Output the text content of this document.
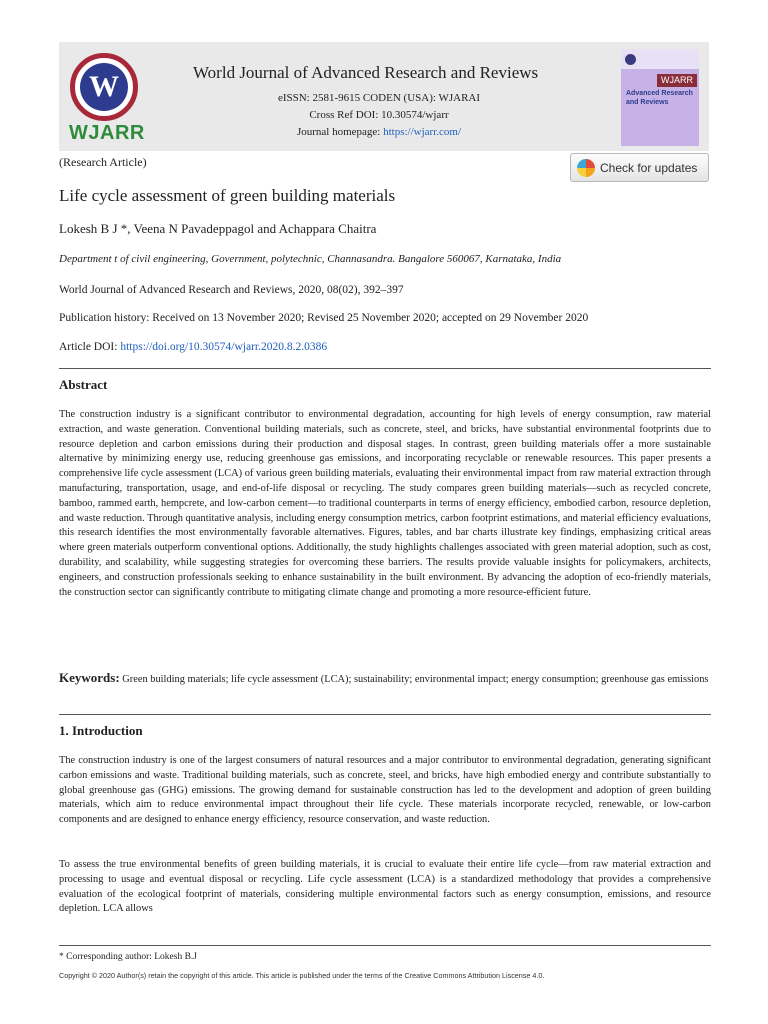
W
WJARR
World Journal of Advanced Research and Reviews
eISSN: 2581-9615 CODEN (USA): WJARAI
Cross Ref DOI: 10.30574/wjarr
Journal homepage: https://wjarr.com/
WJARR
Advanced Research and Reviews
(Research Article)	Check for updates
Life cycle assessment of green building materials
Lokesh B J *, Veena N Pavadeppagol and Achappara Chaitra
Department t of civil engineering, Government, polytechnic, Channasandra. Bangalore 560067, Karnataka, India
World Journal of Advanced Research and Reviews, 2020, 08(02), 392–397
Publication history: Received on 13 November 2020; Revised 25 November 2020; accepted on 29 November 2020
Article DOI: https://doi.org/10.30574/wjarr.2020.8.2.0386
Abstract
The construction industry is a significant contributor to environmental degradation, accounting for high levels of energy consumption, raw material extraction, and waste generation. Conventional building materials, such as concrete, steel, and bricks, have substantial environmental footprints due to resource depletion and carbon emissions during their production and disposal stages. In contrast, green building materials offer a more sustainable alternative by minimizing energy use, reducing greenhouse gas emissions, and incorporating recyclable or renewable resources. This paper presents a comprehensive life cycle assessment (LCA) of various green building materials, evaluating their environmental impact from raw material extraction through manufacturing, transportation, usage, and end-of-life disposal or recycling. The study compares green building materials—such as recycled concrete, bamboo, rammed earth, hempcrete, and low-carbon cement—to traditional counterparts in terms of energy efficiency, embodied carbon, resource depletion, and waste reduction. Through quantitative analysis, including energy consumption metrics, carbon footprint estimations, and material efficiency evaluations, this research identifies the most environmentally favorable alternatives. Figures, tables, and bar charts illustrate key findings, emphasizing critical areas where green materials outperform conventional options. Additionally, the study highlights challenges associated with green material adoption, such as cost, durability, and scalability, while suggesting strategies for overcoming these barriers. The results provide valuable insights for policymakers, architects, engineers, and construction professionals seeking to enhance sustainability in the built environment. By advancing the adoption of eco-friendly materials, the construction sector can significantly contribute to mitigating climate change and promoting a more resource-efficient future.
Keywords: Green building materials; life cycle assessment (LCA); sustainability; environmental impact; energy consumption; greenhouse gas emissions
1. Introduction
The construction industry is one of the largest consumers of natural resources and a major contributor to environmental degradation, generating significant carbon emissions and waste. Traditional building materials, such as concrete, steel, and bricks, have high embodied energy and contribute substantially to global greenhouse gas (GHG) emissions. The growing demand for sustainable construction has led to the development and adoption of green building materials, which aim to reduce environmental impact throughout their life cycle. These materials incorporate recycled, renewable, or low-carbon components and are designed to enhance energy efficiency, resource conservation, and waste reduction.
To assess the true environmental benefits of green building materials, it is crucial to evaluate their entire life cycle—from raw material extraction and processing to usage and eventual disposal or recycling. Life cycle assessment (LCA) is a standardized methodology that provides a comprehensive evaluation of the ecological footprint of materials, considering multiple environmental factors such as energy consumption, emissions, and resource depletion. LCA allows
* Corresponding author: Lokesh B.J
Copyright © 2020 Author(s) retain the copyright of this article. This article is published under the terms of the Creative Commons Attribution Liscense 4.0.
